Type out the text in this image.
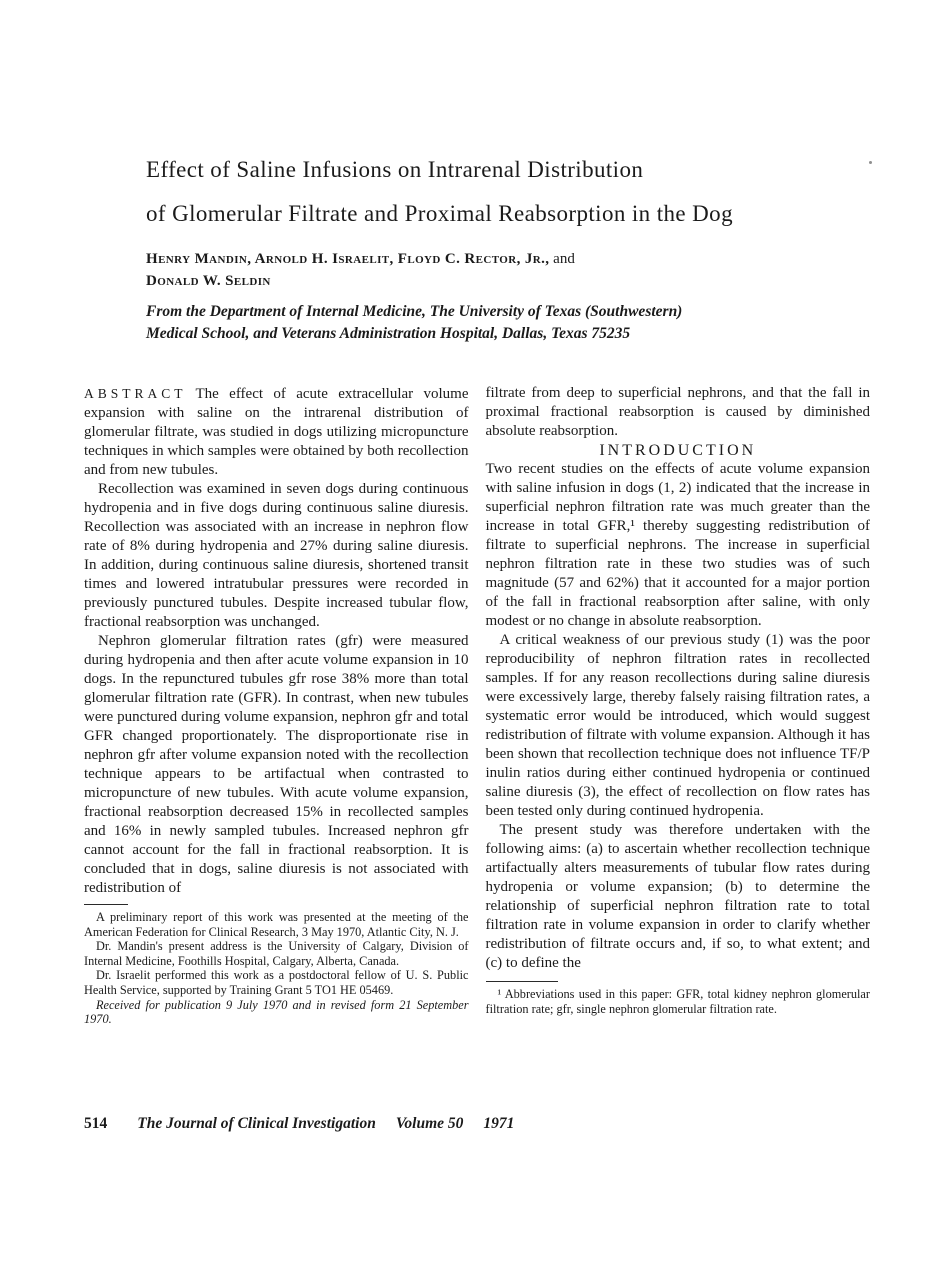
Effect of Saline Infusions on Intrarenal Distribution
of Glomerular Filtrate and Proximal Reabsorption in the Dog
Henry Mandin, Arnold H. Israelit, Floyd C. Rector, Jr., and
Donald W. Seldin
From the Department of Internal Medicine, The University of Texas (Southwestern)
Medical School, and Veterans Administration Hospital, Dallas, Texas 75235

ABSTRACT The effect of acute extracellular volume expansion with saline on the intrarenal distribution of glomerular filtrate, was studied in dogs utilizing micropuncture techniques in which samples were obtained by both recollection and from new tubules.

Recollection was examined in seven dogs during continuous hydropenia and in five dogs during continuous saline diuresis. Recollection was associated with an increase in nephron flow rate of 8% during hydropenia and 27% during saline diuresis. In addition, during continuous saline diuresis, shortened transit times and lowered intratubular pressures were recorded in previously punctured tubules. Despite increased tubular flow, fractional reabsorption was unchanged.

Nephron glomerular filtration rates (gfr) were measured during hydropenia and then after acute volume expansion in 10 dogs. In the repunctured tubules gfr rose 38% more than total glomerular filtration rate (GFR). In contrast, when new tubules were punctured during volume expansion, nephron gfr and total GFR changed proportionately. The disproportionate rise in nephron gfr after volume expansion noted with the recollection technique appears to be artifactual when contrasted to micropuncture of new tubules. With acute volume expansion, fractional reabsorption decreased 15% in recollected samples and 16% in newly sampled tubules. Increased nephron gfr cannot account for the fall in fractional reabsorption. It is concluded that in dogs, saline diuresis is not associated with redistribution of

A preliminary report of this work was presented at the meeting of the American Federation for Clinical Research, 3 May 1970, Atlantic City, N. J.

Dr. Mandin's present address is the University of Calgary, Division of Internal Medicine, Foothills Hospital, Calgary, Alberta, Canada.

Dr. Israelit performed this work as a postdoctoral fellow of U. S. Public Health Service, supported by Training Grant 5 TO1 HE 05469.

Received for publication 9 July 1970 and in revised form 21 September 1970.

filtrate from deep to superficial nephrons, and that the fall in proximal fractional reabsorption is caused by diminished absolute reabsorption.

INTRODUCTION

Two recent studies on the effects of acute volume expansion with saline infusion in dogs (1, 2) indicated that the increase in superficial nephron filtration rate was much greater than the increase in total GFR,¹ thereby suggesting redistribution of filtrate to superficial nephrons. The increase in superficial nephron filtration rate in these two studies was of such magnitude (57 and 62%) that it accounted for a major portion of the fall in fractional reabsorption after saline, with only modest or no change in absolute reabsorption.

A critical weakness of our previous study (1) was the poor reproducibility of nephron filtration rates in recollected samples. If for any reason recollections during saline diuresis were excessively large, thereby falsely raising filtration rates, a systematic error would be introduced, which would suggest redistribution of filtrate with volume expansion. Although it has been shown that recollection technique does not influence TF/P inulin ratios during either continued hydropenia or continued saline diuresis (3), the effect of recollection on flow rates has been tested only during continued hydropenia.

The present study was therefore undertaken with the following aims: (a) to ascertain whether recollection technique artifactually alters measurements of tubular flow rates during hydropenia or volume expansion; (b) to determine the relationship of superficial nephron filtration rate to total filtration rate in volume expansion in order to clarify whether redistribution of filtrate occurs and, if so, to what extent; and (c) to define the

¹ Abbreviations used in this paper: GFR, total kidney nephron glomerular filtration rate; gfr, single nephron glomerular filtration rate.

514 The Journal of Clinical Investigation Volume 50 1971
